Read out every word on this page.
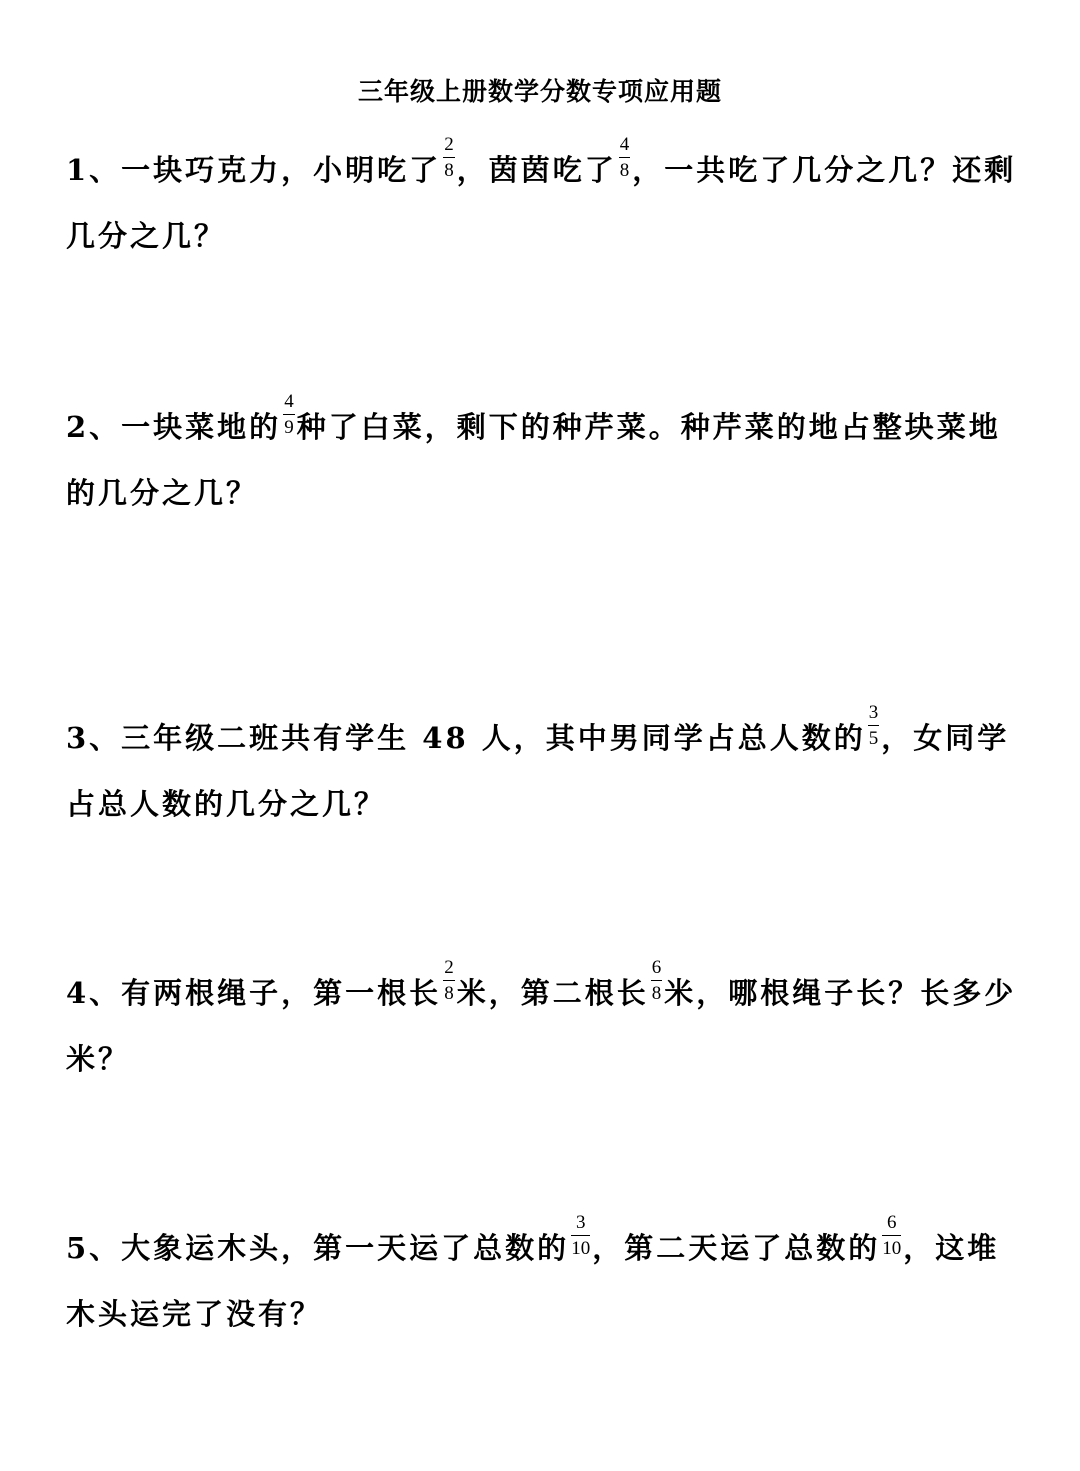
三年级上册数学分数专项应用题
1、一块巧克力，小明吃了 $\frac{2}{8}$ ，茵茵吃了 $\frac{4}{8}$ ，一共吃了几分之几？还剩几分之几？
2、一块菜地的 $\frac{4}{9}$ 种了白菜，剩下的种芹菜。种芹菜的地占整块菜地的几分之几？
3、三年级二班共有学生 48 人，其中男同学占总人数的 $\frac{3}{5}$ ，女同学占总人数的几分之几？
4、有两根绳子，第一根长 $\frac{2}{8}$ 米，第二根长 $\frac{6}{8}$ 米，哪根绳子长？长多少米？
5、大象运木头，第一天运了总数的 $\frac{3}{10}$ ，第二天运了总数的 $\frac{6}{10}$ ，这堆木头运完了没有？
